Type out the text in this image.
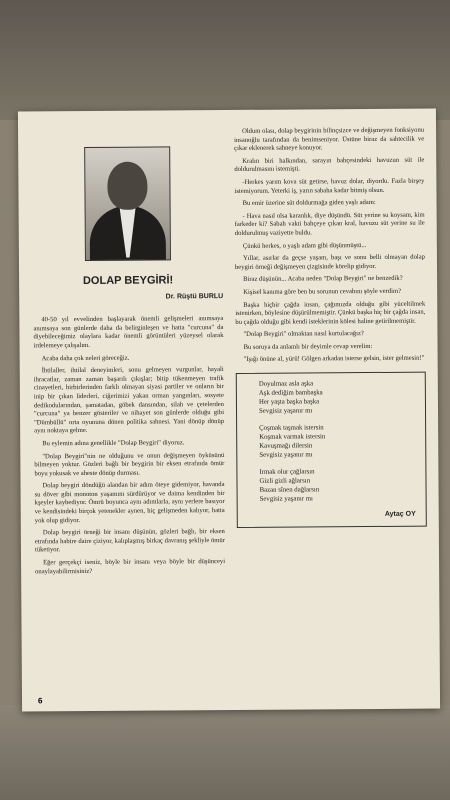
DOLAP BEYGİRİ!
Dr. Rüştü BURLU

40-50 yıl evvelinden başlayarak önemli gelişmeleri anımsaya anımsaya son günlerde daha da belirginleşen ve hatta "curcuna" da diyebileceğimiz olaylara kadar önemli görüntüleri yüzeysel olarak irdelemeye çalışalım.

Acaba daha çok neleri göreceğiz.

İhtilaller, ihtilal deneyimleri, sonu gelmeyen vurgunlar, hayali ihracatlar, zaman zaman başarılı çıkışlar; bitip tükenmeyen trafik cinayetleri, birbirlerinden farklı olmayan siyasi partiler ve onların bir inip bir çıkan liderleri, ciğerimizi yakan orman yangınları, sosyete dedikodularından, şamatadan, göbek dansından, silah ve çetelerden "curcuna" ya benzer gösteriler ve nihayet son günlerde olduğu gibi "Dümbüllü" orta oyununa dönen politika sahnesi. Yani dönüp dönüp aynı noktaya gelme.

Bu eylemin adına genellikle "Dolap Beygiri" diyoruz.

"Dolap Beygiri"nin ne olduğunu ve onun değişmeyen öyküsünü bilmeyen yoktur. Gözleri bağlı bir beygirin bir eksen etrafında ömür boyu yokusak ve aheste dönüp durması.

Dolap beygiri döndüğü alandan bir adım öteye gidemiyor, havanda su döver gibi monoton yaşamını sürdürüyor ve daima kendinden bir kşeyler kaybediyor. Ömrü boyunca aynı adımlarla, aynı yerlere basıyor ve kendisindeki birçok yetenekler aynen, hiç gelişmeden kalıyor, hatta yok olup gidiyor.

Dolap beygiri örneği bir insanı düşünün, gözleri bağlı, bir eksen etrafında habire daire çiziyor, kalıplaşmış birkaç davranış şekliyle ömür tüketiyor.

Eğer gerçekçi iseniz, böyle bir insanı veya böyle bir düşünceyi onaylayabilirmisiniz?

Oldum olası, dolap beygirinin bilinçsizce ve değişmeyen fonksiyonu insanoğlu tarafından da benimseniyor. Üstüne biraz da sahtecilik ve çıkar eklenerek sahneye konuyor.

Kralın biri halkından, sarayın bahçesindeki havuzun süt ile doldurulmasını istemişti.

-Herkes yarım kova süt getirse, havuz dolar, diyordu. Fazla birşey istemiyorum. Yeterki iş, yarın sabaha kadar bitmiş olsun.

Bu emir üzerine süt doldurmağa giden yaşlı adam:

- Hava nasıl olsa karanlık, diye düşündü. Süt yerine su koysam, kim farkeder ki? Sabah vakti bahçeye çıkan kral, havuzu süt yerine su ile doldurulmuş vaziyette buldu.

Çünkü herkes, o yaşlı adam gibi düşünmüştü...

Yıllar, asırlar da geçse yaşam, başı ve sonu belli olmayan dolap beygiri örneği değişmeyen çizgisinde körelip gidiyor.

Biraz düşünün... Acaba neden "Dolap Beygiri" ne benzedik?

Kişisel kanıma göre ben bu sorunun cevabını şöyle verdim?

Başka hiçbir çağda insan, çağımızda olduğu gibi yüceltilmek istenirken, böylesine düşürülmemiştir. Çünkü başka hiç bir çağda insan, bu çağda olduğu gibi kendi isteklerinin kölesi haline getirilmemiştir.

"Dolap Beygiri" olmaktan nasıl kurtulacağız?

Bu soruya da anlamlı bir deyimle cevap verelim:

"Işığı önüne al, yürü! Gölgen arkadan isterse gelsin, ister gelmesin!"

Doyulmaz asla aşka
Aşk dediğim bambaşka
Her yaşta başka başka
Sevgisiz yaşanır mı
Çoşmak taşmak istersin
Koşmak varmak istersin
Kavuşmağı dilersin
Sevgisiz yaşanır mı
Irmak olur çağlarsın
Gizli gizli ağlarsın
Bazan sînen dağlarsın
Sevgisiz yaşanır mı
Aytaç OY
6
